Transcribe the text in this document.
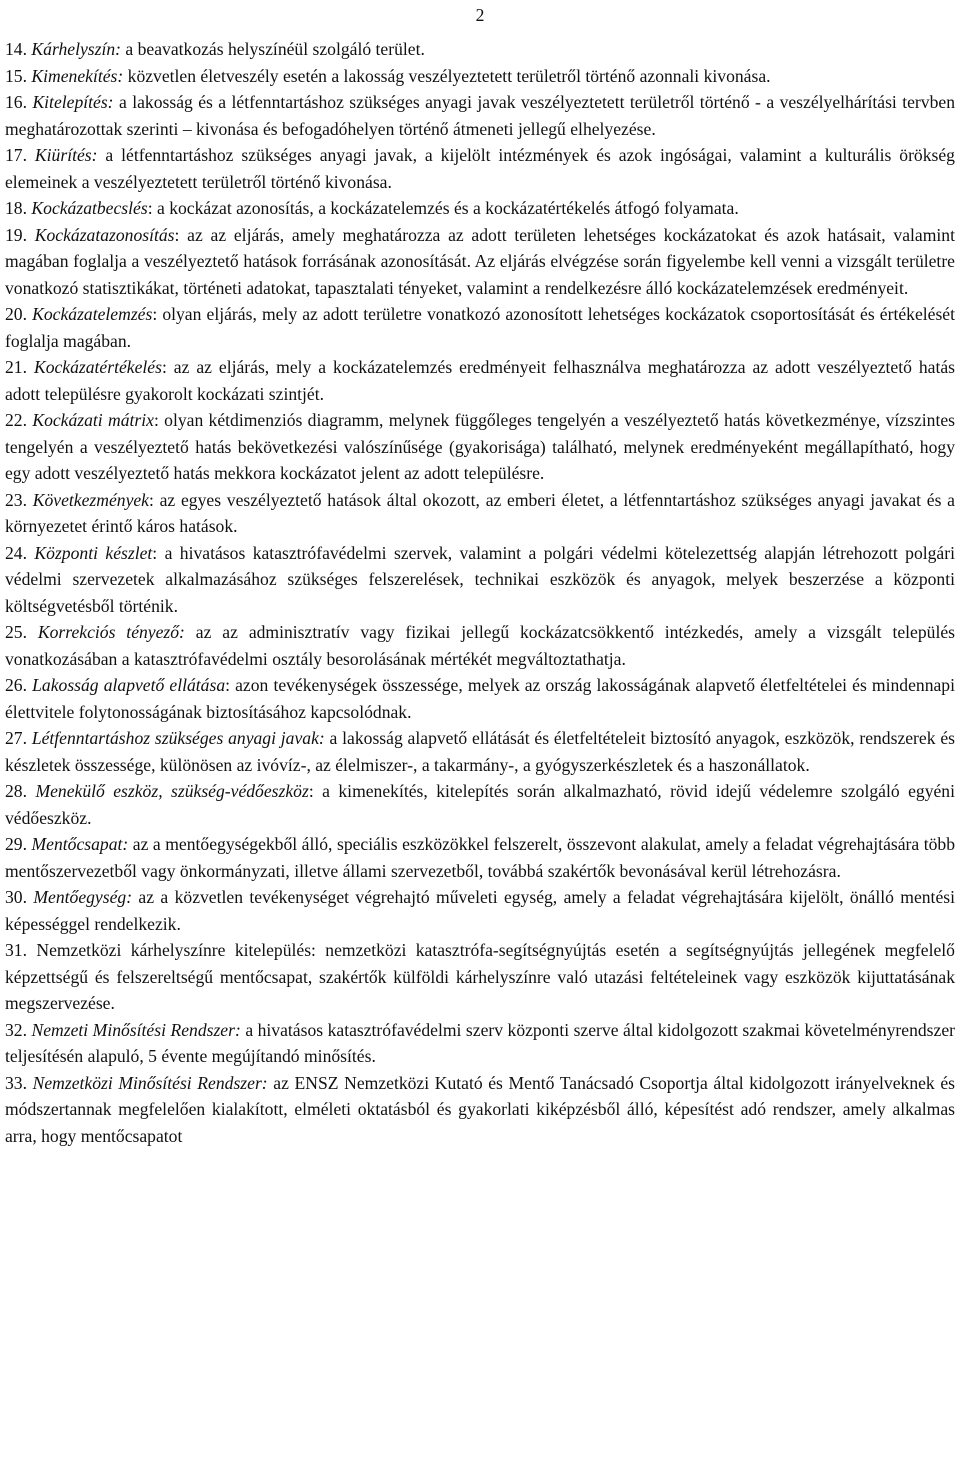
2

14. Kárhelyszín: a beavatkozás helyszínéül szolgáló terület.

15. Kimenekítés: közvetlen életveszély esetén a lakosság veszélyeztetett területről történő azonnali kivonása.

16. Kitelepítés: a lakosság és a létfenntartáshoz szükséges anyagi javak veszélyeztetett területről történő - a veszélyelhárítási tervben meghatározottak szerinti – kivonása és befogadóhelyen történő átmeneti jellegű elhelyezése.

17. Kiürítés: a létfenntartáshoz szükséges anyagi javak, a kijelölt intézmények és azok ingóságai, valamint a kulturális örökség elemeinek a veszélyeztetett területről történő kivonása.

18. Kockázatbecslés: a kockázat azonosítás, a kockázatelemzés és a kockázatértékelés átfogó folyamata.

19. Kockázatazonosítás: az az eljárás, amely meghatározza az adott területen lehetséges kockázatokat és azok hatásait, valamint magában foglalja a veszélyeztető hatások forrásának azonosítását. Az eljárás elvégzése során figyelembe kell venni a vizsgált területre vonatkozó statisztikákat, történeti adatokat, tapasztalati tényeket, valamint a rendelkezésre álló kockázatelemzések eredményeit.

20. Kockázatelemzés: olyan eljárás, mely az adott területre vonatkozó azonosított lehetséges kockázatok csoportosítását és értékelését foglalja magában.

21. Kockázatértékelés: az az eljárás, mely a kockázatelemzés eredményeit felhasználva meghatározza az adott veszélyeztető hatás adott településre gyakorolt kockázati szintjét.

22. Kockázati mátrix: olyan kétdimenziós diagramm, melynek függőleges tengelyén a veszélyeztető hatás következménye, vízszintes tengelyén a veszélyeztető hatás bekövetkezési valószínűsége (gyakorisága) található, melynek eredményeként megállapítható, hogy egy adott veszélyeztető hatás mekkora kockázatot jelent az adott településre.

23. Következmények: az egyes veszélyeztető hatások által okozott, az emberi életet, a létfenntartáshoz szükséges anyagi javakat és a környezetet érintő káros hatások.

24. Központi készlet: a hivatásos katasztrófavédelmi szervek, valamint a polgári védelmi kötelezettség alapján létrehozott polgári védelmi szervezetek alkalmazásához szükséges felszerelések, technikai eszközök és anyagok, melyek beszerzése a központi költségvetésből történik.

25. Korrekciós tényező: az az adminisztratív vagy fizikai jellegű kockázatcsökkentő intézkedés, amely a vizsgált település vonatkozásában a katasztrófavédelmi osztály besorolásának mértékét megváltoztathatja.

26. Lakosság alapvető ellátása: azon tevékenységek összessége, melyek az ország lakosságának alapvető életfeltételei és mindennapi élettvitele folytonosságának biztosításához kapcsolódnak.

27. Létfenntartáshoz szükséges anyagi javak: a lakosság alapvető ellátását és életfeltételeit biztosító anyagok, eszközök, rendszerek és készletek összessége, különösen az ivóvíz-, az élelmiszer-, a takarmány-, a gyógyszerkészletek és a haszonállatok.

28. Menekülő eszköz, szükség-védőeszköz: a kimenekítés, kitelepítés során alkalmazható, rövid idejű védelemre szolgáló egyéni védőeszköz.

29. Mentőcsapat: az a mentőegységekből álló, speciális eszközökkel felszerelt, összevont alakulat, amely a feladat végrehajtására több mentőszervezetből vagy önkormányzati, illetve állami szervezetből, továbbá szakértők bevonásával kerül létrehozásra.

30. Mentőegység: az a közvetlen tevékenységet végrehajtó műveleti egység, amely a feladat végrehajtására kijelölt, önálló mentési képességgel rendelkezik.

31. Nemzetközi kárhelyszínre kitelepülés: nemzetközi katasztrófa-segítségnyújtás esetén a segítségnyújtás jellegének megfelelő képzettségű és felszereltségű mentőcsapat, szakértők külföldi kárhelyszínre való utazási feltételeinek vagy eszközök kijuttatásának megszervezése.

32. Nemzeti Minősítési Rendszer: a hivatásos katasztrófavédelmi szerv központi szerve által kidolgozott szakmai követelményrendszer teljesítésén alapuló, 5 évente megújítandó minősítés.

33. Nemzetközi Minősítési Rendszer: az ENSZ Nemzetközi Kutató és Mentő Tanácsadó Csoportja által kidolgozott irányelveknek és módszertannak megfelelően kialakított, elméleti oktatásból és gyakorlati kiképzésből álló, képesítést adó rendszer, amely alkalmas arra, hogy mentőcsapatot
